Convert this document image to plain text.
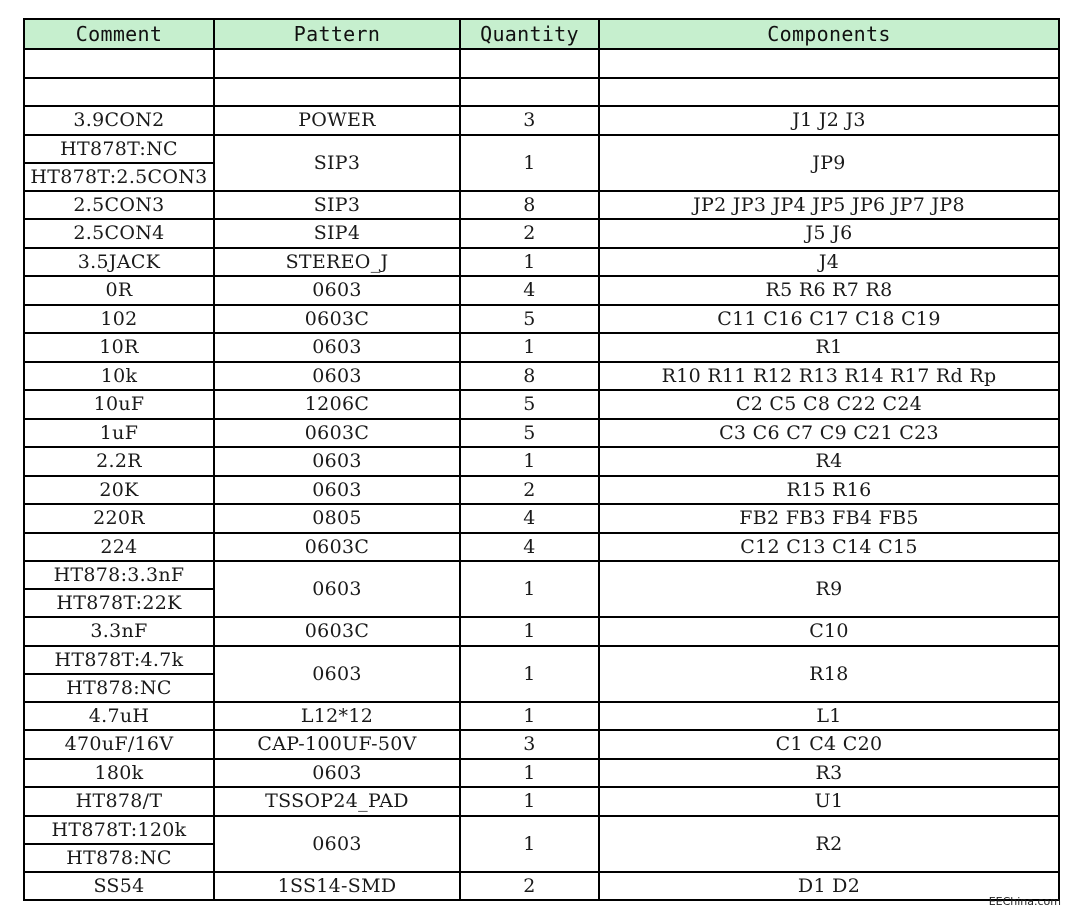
Comment	Pattern	Quantity	Components

3.9CON2	POWER	3	J1 J2 J3

HT878T:NC
HT878T:2.5CON3	SIP3	1	JP9
2.5CON3	SIP3	8	JP2 JP3 JP4 JP5 JP6 JP7 JP8
2.5CON4	SIP4	2	J5 J6
3.5JACK	STEREO_J	1	J4
0R	0603	4	R5 R6 R7 R8
102	0603C	5	C11 C16 C17 C18 C19
10R	0603	1	R1
10k	0603	8	R10 R11 R12 R13 R14 R17 Rd Rp
10uF	1206C	5	C2 C5 C8 C22 C24
1uF	0603C	5	C3 C6 C7 C9 C21 C23
2.2R	0603	1	R4
20K	0603	2	R15 R16
220R	0805	4	FB2 FB3 FB4 FB5
224	0603C	4	C12 C13 C14 C15

HT878:3.3nF
HT878T:22K	0603	1	R9
3.3nF	0603C	1	C10

HT878T:4.7k
HT878:NC	0603	1	R18
4.7uH	L12*12	1	L1
470uF/16V	CAP-100UF-50V	3	C1 C4 C20
180k	0603	1	R3
HT878/T	TSSOP24_PAD	1	U1

HT878T:120k
HT878:NC	0603	1	R2
SS54	1SS14-SMD	2	D1 D2
EEChina.com
